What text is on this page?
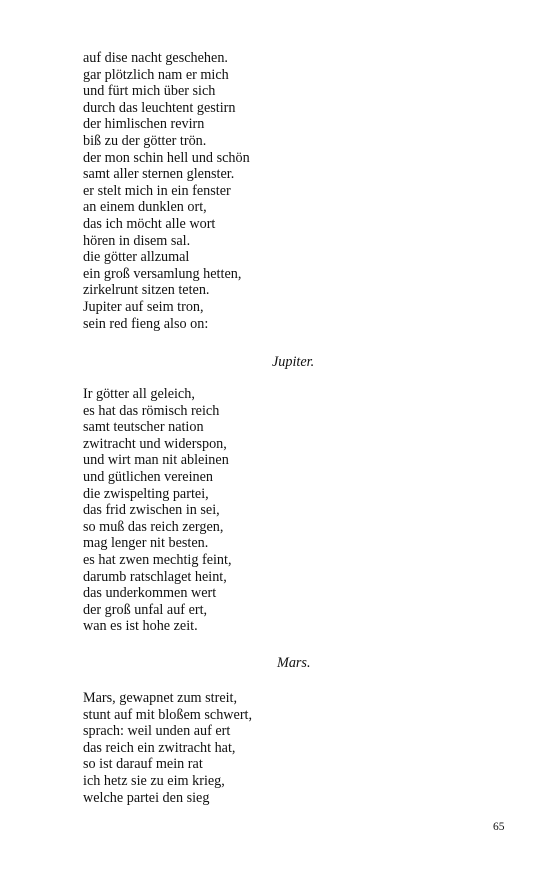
auf dise nacht geschehen.
gar plötzlich nam er mich
und fürt mich über sich
durch das leuchtent gestirn
der himlischen revirn
biß zu der götter trön.
der mon schin hell und schön
samt aller sternen glenster.
er stelt mich in ein fenster
an einem dunklen ort,
das ich möcht alle wort
hören in disem sal.
die götter allzumal
ein groß versamlung hetten,
zirkelrunt sitzen teten.
Jupiter auf seim tron,
sein red fieng also on:
Jupiter.
Ir götter all geleich,
es hat das römisch reich
samt teutscher nation
zwitracht und widerspon,
und wirt man nit ableinen
und gütlichen vereinen
die zwispelting partei,
das frid zwischen in sei,
so muß das reich zergen,
mag lenger nit besten.
es hat zwen mechtig feint,
darumb ratschlaget heint,
das underkommen wert
der groß unfal auf ert,
wan es ist hohe zeit.
Mars.
Mars, gewapnet zum streit,
stunt auf mit bloßem schwert,
sprach: weil unden auf ert
das reich ein zwitracht hat,
so ist darauf mein rat
ich hetz sie zu eim krieg,
welche partei den sieg
65
